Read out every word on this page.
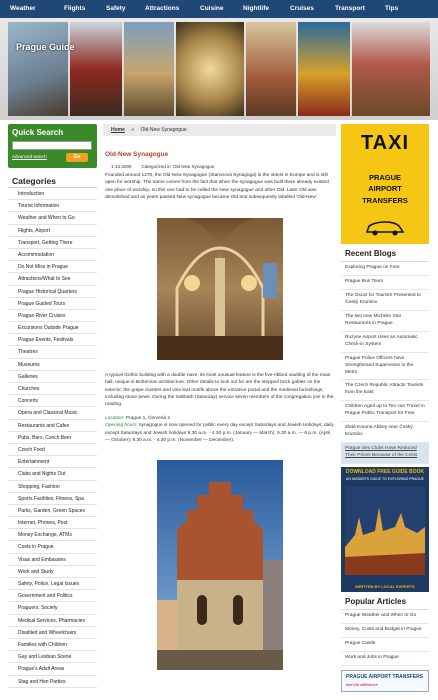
Weather	Flights	Safety	Attractions	Cuisine	Nightlife	Cruises	Transport	Tips
Prague Guide
Quick Search
Advanced search	Go
Categories
Introduction
Tourist Information
Weather and When to Go
Flights, Airport
Transport, Getting There
Accommodation
Do Not Miss in Prague
Attractions/What to See
Prague Historical Quarters
Prague Guided Tours
Prague River Cruises
Excursions Outside Prague
Prague Events, Festivals
Theatres
Museums
Galleries
Churches
Concerts
Opera and Classical Music
Restaurants and Cafes
Pubs, Bars, Czech Beer
Czech Food
Entertainment
Clubs and Nights Out
Shopping, Fashion
Sports Facilities, Fitness, Spa
Parks, Garden, Green Spaces
Internet, Phones, Post
Money Exchange, ATMs
Costs in Prague
Visas and Embassies
Work and Study
Safety, Police, Legal Issues
Government and Politics
Praguers, Society
Medical Services, Pharmacies
Disabled and Wheelchairs
Families with Children
Gay and Lesbian Scene
Prague's Adult Areas
Stag and Hen Parties
Home » Old-New Synagogue
Old-New Synagogue
1-13-2009 Categorized in: Old New Synagogue

Founded around 1270, the Old-New Synagogue (Staronová Synagoga) is the oldest in Europe and is still open for worship. The name comes from the fact that when the synagogue was built there already existed one place of worship, so this one had to be called the New synagogue and other Old. Later Old was demolished and as years passed New synagogue became Old and subsequently labelled 'Old-New'.

A typical Gothic building with a double nave, its most unusual feature is the five-ribbed vaulting of the main hall, unique in Bohemian architecture. Other details to look out for are the stepped brick gables on the exterior, the grape clusters and vine leaf motifs above the entrance portal and the medieval furnishings, including stone pews. During the Sabbath (Saturday) service seven members of the congregation join in the reading.

Location: Prague 1, Červená 2
Opening hours: synagogue is now opened for public every day except Saturdays and Jewish Holidays; daily except Saturdays and Jewish holidays 9.30 a.m. - 4.30 p.m. (January — March); 9.30 a.m. — 6 p.m. (April — October); 9.30 a.m. - 4.30 p.m. (November — December).
TAXI
PRAGUE
AIRPORT
TRANSFERS
Recent Blogs
Exploring Prague on Foot
Prague Bus Tours
The Oscar for Tourism Presented to Český Krumlov
The two new Michelin Star Restaurants in Prague
Ruzyne Airport Uses an Automatic Check-in System
Prague Police Officers have Strengthened Supervision in the Metro
The Czech Republic Attracts Tourists from the East
Children Aged up to Ten can Travel in Prague Public Transport for Free
Zlatá Koruna Abbey near Český Krumlov
Prague Sex Clubs Have Reduced Their Prices Because of the Crisis
DOWNLOAD FREE GUIDE BOOK
AN INSIDER'S GUIDE TO EXPLORING PRAGUE
WRITTEN BY LOCAL EXPERTS
Popular Articles
Prague Weather and When to Go
Money, Costs and Budget in Prague
Prague Castle
Work and Jobs in Prague
PRAGUE AIRPORT TRANSFERS
feel the difference
